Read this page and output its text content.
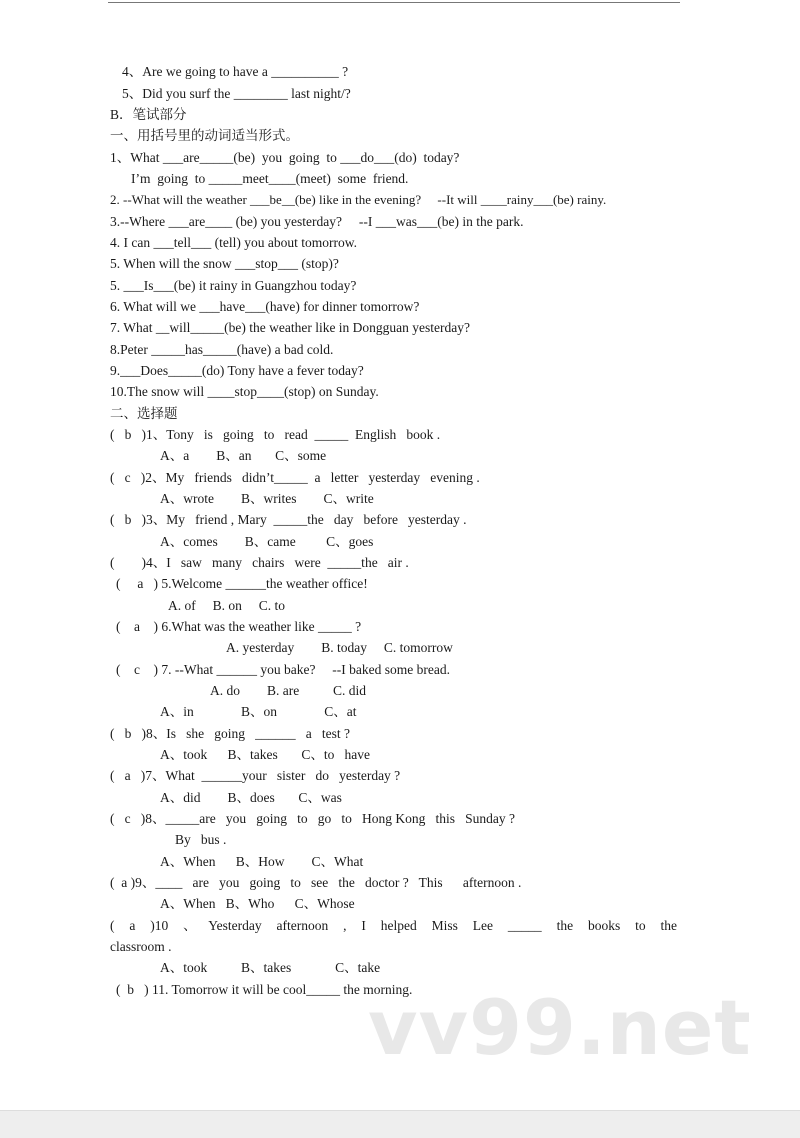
4、Are we going to have a __________ ?

5、Did you surf the ________ last night/?

B．笔试部分

一、用括号里的动词适当形式。

1、What ___are_____(be)  you  going  to ___do___(do)  today?

I’m  going  to _____meet____(meet)  some  friend.

2. --What will the weather ___be__(be) like in the evening?     --It will ____rainy___(be) rainy.

3.--Where ___are____ (be) you yesterday?     --I ___was___(be) in the park.

4. I can ___tell___ (tell) you about tomorrow.

5. When will the snow ___stop___ (stop)?

5. ___Is___(be) it rainy in Guangzhou today?

6. What will we ___have___(have) for dinner tomorrow?

7. What __will_____(be) the weather like in Dongguan yesterday?

8.Peter _____has_____(have) a bad cold.

9.___Does_____(do) Tony have a fever today?

10.The snow will ____stop____(stop) on Sunday.

二、选择题

(   b   )1、Tony   is   going   to   read  _____  English   book .

A、a        B、an       C、some

(   c   )2、My   friends   didn’t_____  a   letter   yesterday   evening .

A、wrote        B、writes        C、write

(   b   )3、My   friend , Mary  _____the   day   before   yesterday .

A、comes        B、came         C、goes

(        )4、I   saw   many   chairs   were  _____the   air .

(     a   ) 5.Welcome ______the weather office!

A. of     B. on     C. to

(    a    ) 6.What was the weather like _____ ?

A. yesterday        B. today     C. tomorrow

(    c    ) 7. --What ______ you bake?     --I baked some bread.

A. do        B. are          C. did

A、in              B、on              C、at

(   b   )8、Is   she   going   ______   a   test ?

A、took      B、takes       C、to   have

(   a   )7、What  ______your   sister   do   yesterday ?

A、did        B、does       C、was

(   c   )8、_____are   you   going   to   go   to   Hong Kong   this   Sunday ?

By   bus .

A、When      B、How        C、What

(  a )9、____   are   you   going   to   see   the   doctor ?   This      afternoon .

A、When   B、Who      C、Whose

( a )10 、Yesterday afternoon , I helped Miss Lee _____ the books to the

classroom .

A、took          B、takes             C、take

(  b   ) 11. Tomorrow it will be cool_____ the morning.

vv99.net
